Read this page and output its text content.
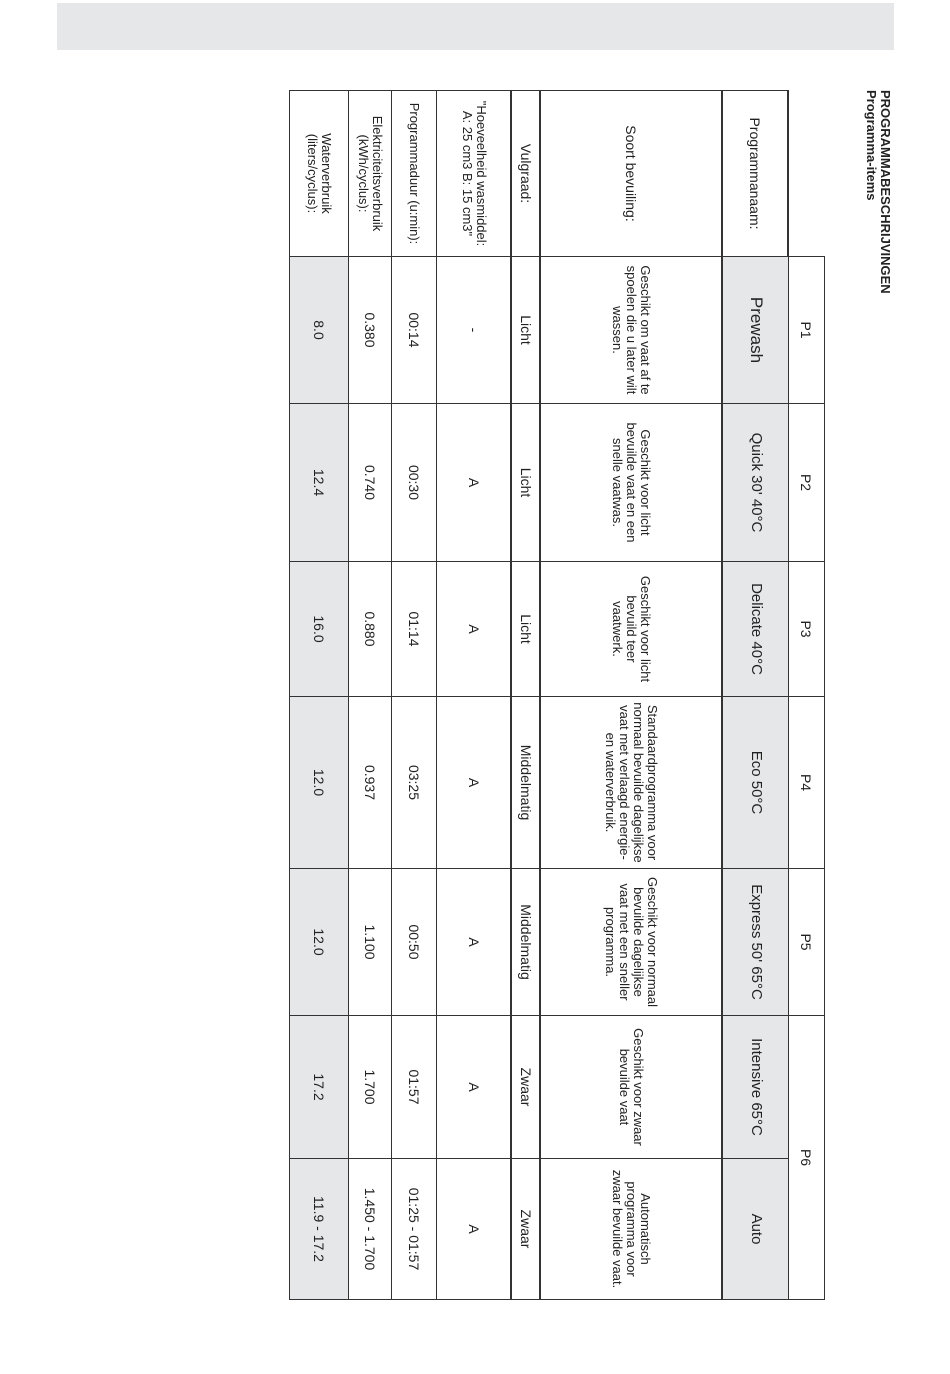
PROGRAMMABESCHRIJVINGEN
Programma-items
	P1	P2	P3	P4	P5	P6	
Programmanaam:	Prewash	Quick 30' 40°C	Delicate 40°C	Eco 50°C	Express 50' 65°C	Intensive 65°C	Auto
Soort bevuiling:	Geschikt om vaat af te spoelen die u later wilt wassen.	Geschikt voor licht bevuilde vaat en een snelle vaatwas.	Geschikt voor licht bevuild teer vaatwerk.	Standaardprogramma voor normaal bevuilde dagelijkse vaat met verlaagd energie- en waterverbruik.	Geschikt voor normaal bevuilde dagelijkse vaat met een sneller programma.	Geschikt voor zwaar bevuilde vaat	Automatisch programma voor zwaar bevuilde vaat.
Vulgraad:	Licht	Licht	Licht	Middelmatig	Middelmatig	Zwaar	Zwaar
"Hoeveelheid wasmiddel: A: 25 cm3 B: 15 cm3"	-	A	A	A	A	A	A
Programmaduur (u:min):	00:14	00:30	01:14	03:25	00:50	01:57	01:25 - 01:57
Elektriciteitsverbruik (kWh/cyclus):	0.380	0.740	0.880	0.937	1.100	1.700	1.450 - 1.700
Waterverbruik (liters/cyclus):	8.0	12.4	16.0	12.0	12.0	17.2	11.9 - 17.2
